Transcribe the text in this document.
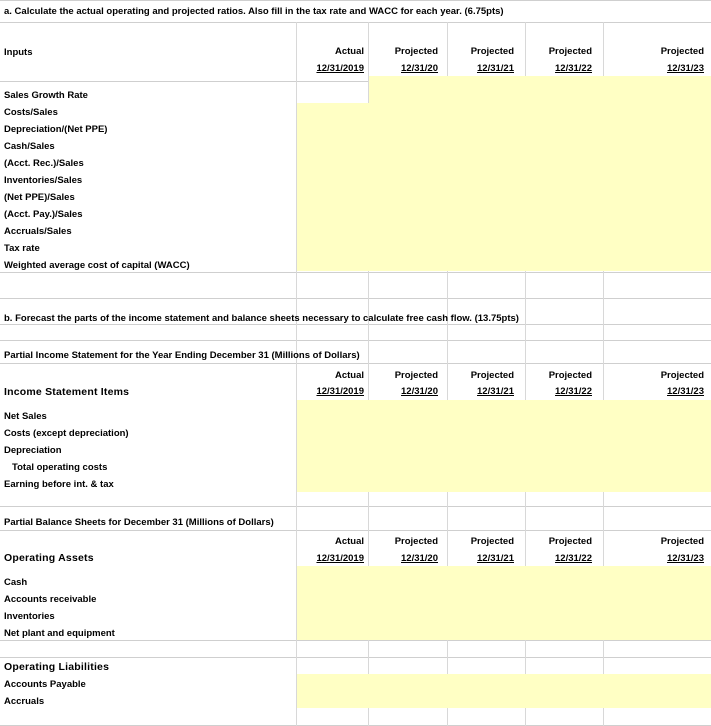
a. Calculate the actual operating and projected ratios. Also fill in the tax rate and WACC for each year. (6.75pts)
Inputs	Actual
12/31/2019
Projected
12/31/20
Projected
12/31/21
Projected
12/31/22
Projected
12/31/23
Sales Growth Rate
Costs/Sales
Depreciation/(Net PPE)
Cash/Sales
(Acct. Rec.)/Sales
Inventories/Sales
(Net PPE)/Sales
(Acct. Pay.)/Sales
Accruals/Sales
Tax rate
Weighted average cost of capital (WACC)
b. Forecast the parts of the income statement and balance sheets necessary to calculate free cash flow. (13.75pts)
Partial Income Statement for the Year Ending December 31 (Millions of Dollars)
Actual
12/31/2019
Projected
12/31/20
Projected
12/31/21
Projected
12/31/22
Projected
12/31/23
Income Statement Items
Net Sales
Costs (except depreciation)
Depreciation
Total operating costs
Earning before int. & tax
Partial Balance Sheets for December 31 (Millions of Dollars)
Actual
12/31/2019
Projected
12/31/20
Projected
12/31/21
Projected
12/31/22
Projected
12/31/23
Operating Assets
Cash
Accounts receivable
Inventories
Net plant and equipment
Operating Liabilities
Accounts Payable
Accruals
